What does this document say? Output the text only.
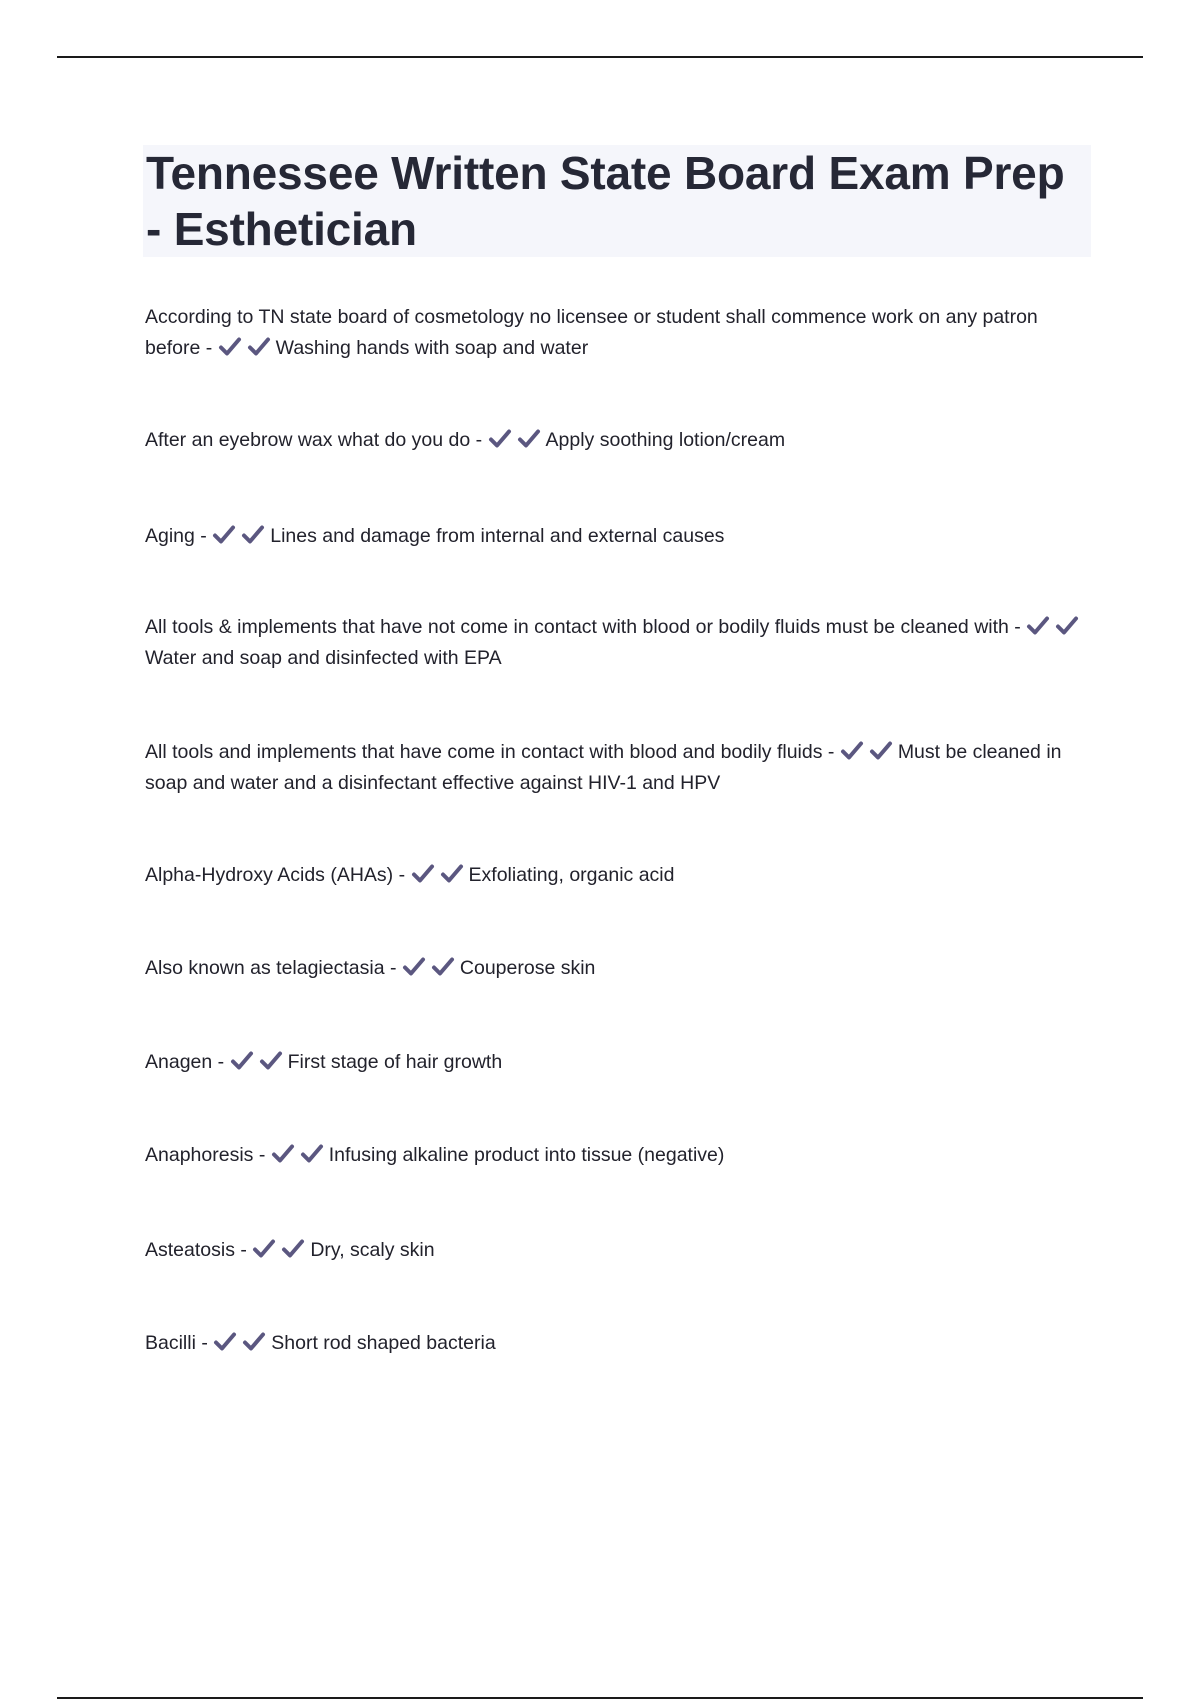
Tennessee Written State Board Exam Prep - Esthetician
According to TN state board of cosmetology no licensee or student shall commence work on any patron before -	Washing hands with soap and water
After an eyebrow wax what do you do -	Apply soothing lotion/cream
Aging -	Lines and damage from internal and external causes
All tools & implements that have not come in contact with blood or bodily fluids must be cleaned with -
Water and soap and disinfected with EPA
All tools and implements that have come in contact with blood and bodily fluids -	Must be cleaned in soap and water and a disinfectant effective against HIV-1 and HPV
Alpha-Hydroxy Acids (AHAs) -	Exfoliating, organic acid
Also known as telagiectasia -	Couperose skin
Anagen -	First stage of hair growth
Anaphoresis -	Infusing alkaline product into tissue (negative)
Asteatosis -	Dry, scaly skin
Bacilli -	Short rod shaped bacteria
